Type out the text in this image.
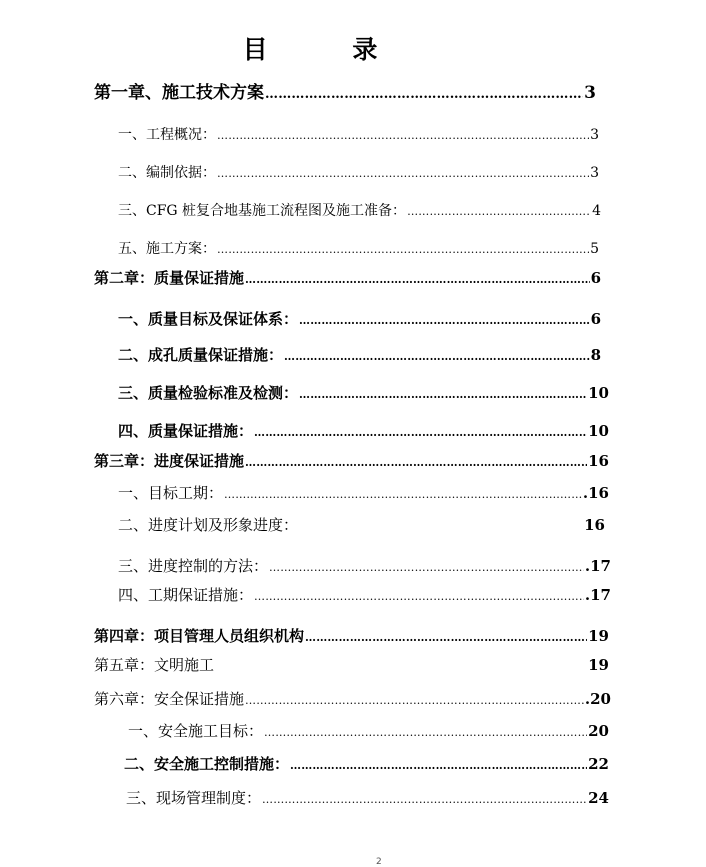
目 录
第一章、施工技术方案 …………………………………………………………………………………………………………………………………………………………………………	3
一、工程概况： …………………………………………………………………………………………………………………………………………………………………………	3
二、编制依据： …………………………………………………………………………………………………………………………………………………………………………	3
三、CFG 桩复合地基施工流程图及施工准备： …………………………………………………………………………………………………………………………………………………………………………	4
五、施工方案： …………………………………………………………………………………………………………………………………………………………………………	5
第二章：质量保证措施 …………………………………………………………………………………………………………………………………………………………………………	6
一、质量目标及保证体系： …………………………………………………………………………………………………………………………………………………………………………	6
二、成孔质量保证措施： …………………………………………………………………………………………………………………………………………………………………………	8
三、质量检验标准及检测： …………………………………………………………………………………………………………………………………………………………………………	10
四、质量保证措施： …………………………………………………………………………………………………………………………………………………………………………	10
第三章：进度保证措施 …………………………………………………………………………………………………………………………………………………………………………	16
一、目标工期： …………………………………………………………………………………………………………………………………………………………………………	.16
二、进度计划及形象进度：	16
三、进度控制的方法： …………………………………………………………………………………………………………………………………………………………………………	.17
四、工期保证措施： …………………………………………………………………………………………………………………………………………………………………………	.17
第四章：项目管理人员组织机构 …………………………………………………………………………………………………………………………………………………………………………	19
第五章：文明施工	19
第六章：安全保证措施 …………………………………………………………………………………………………………………………………………………………………………	.20
一、安全施工目标： …………………………………………………………………………………………………………………………………………………………………………	20
二、安全施工控制措施： …………………………………………………………………………………………………………………………………………………………………………	22
三、现场管理制度： …………………………………………………………………………………………………………………………………………………………………………	24
2
